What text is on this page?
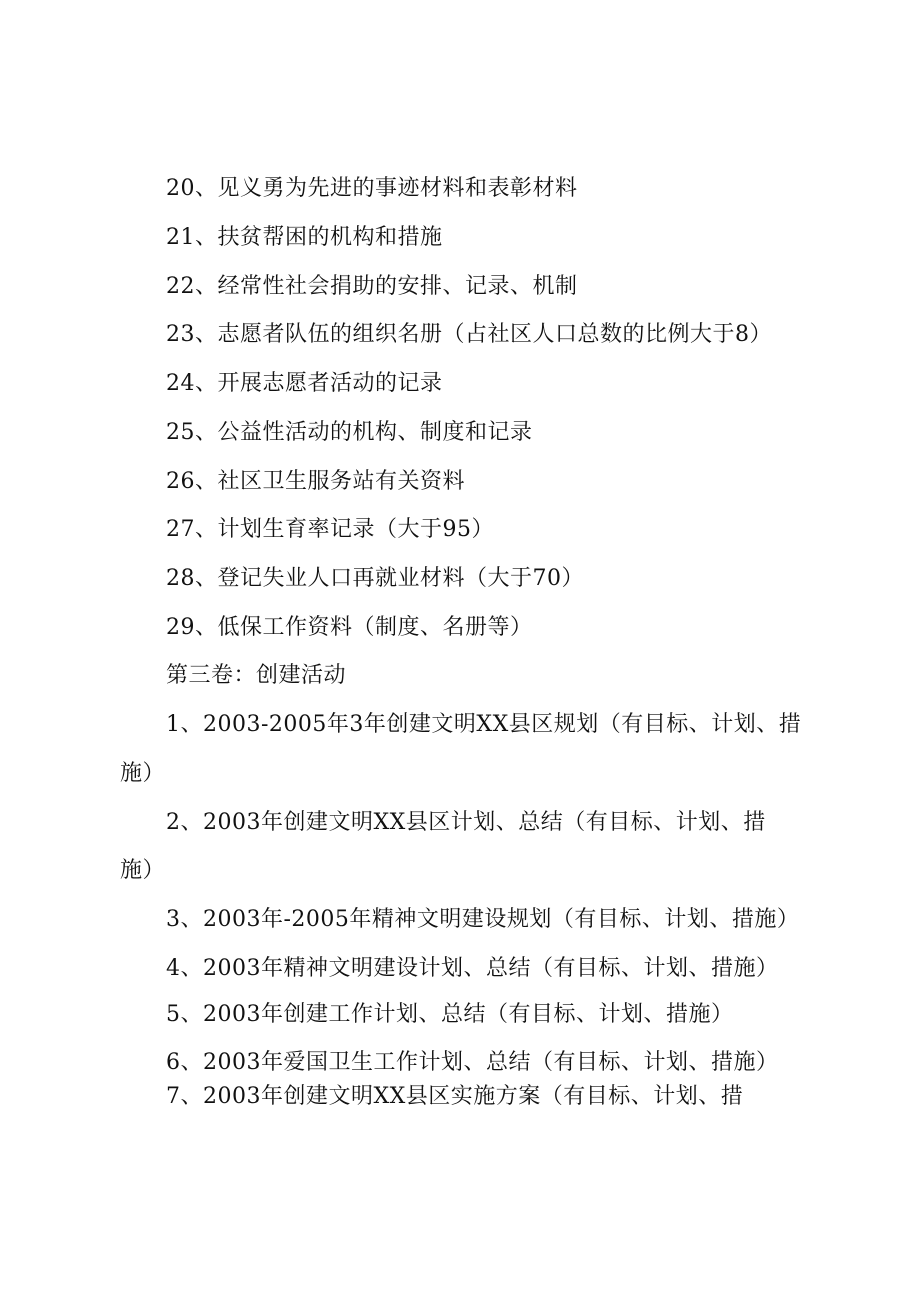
20、见义勇为先进的事迹材料和表彰材料
21、扶贫帮困的机构和措施
22、经常性社会捐助的安排、记录、机制
23、志愿者队伍的组织名册（占社区人口总数的比例大于8）
24、开展志愿者活动的记录
25、公益性活动的机构、制度和记录
26、社区卫生服务站有关资料
27、计划生育率记录（大于95）
28、登记失业人口再就业材料（大于70）
29、低保工作资料（制度、名册等）
第三卷：创建活动
1、2003-2005年3年创建文明XX县区规划（有目标、计划、措
施）
2、2003年创建文明XX县区计划、总结（有目标、计划、措
施）
3、2003年-2005年精神文明建设规划（有目标、计划、措施）
4、2003年精神文明建设计划、总结（有目标、计划、措施）
5、2003年创建工作计划、总结（有目标、计划、措施）
6、2003年爱国卫生工作计划、总结（有目标、计划、措施）
7、2003年创建文明XX县区实施方案（有目标、计划、措
